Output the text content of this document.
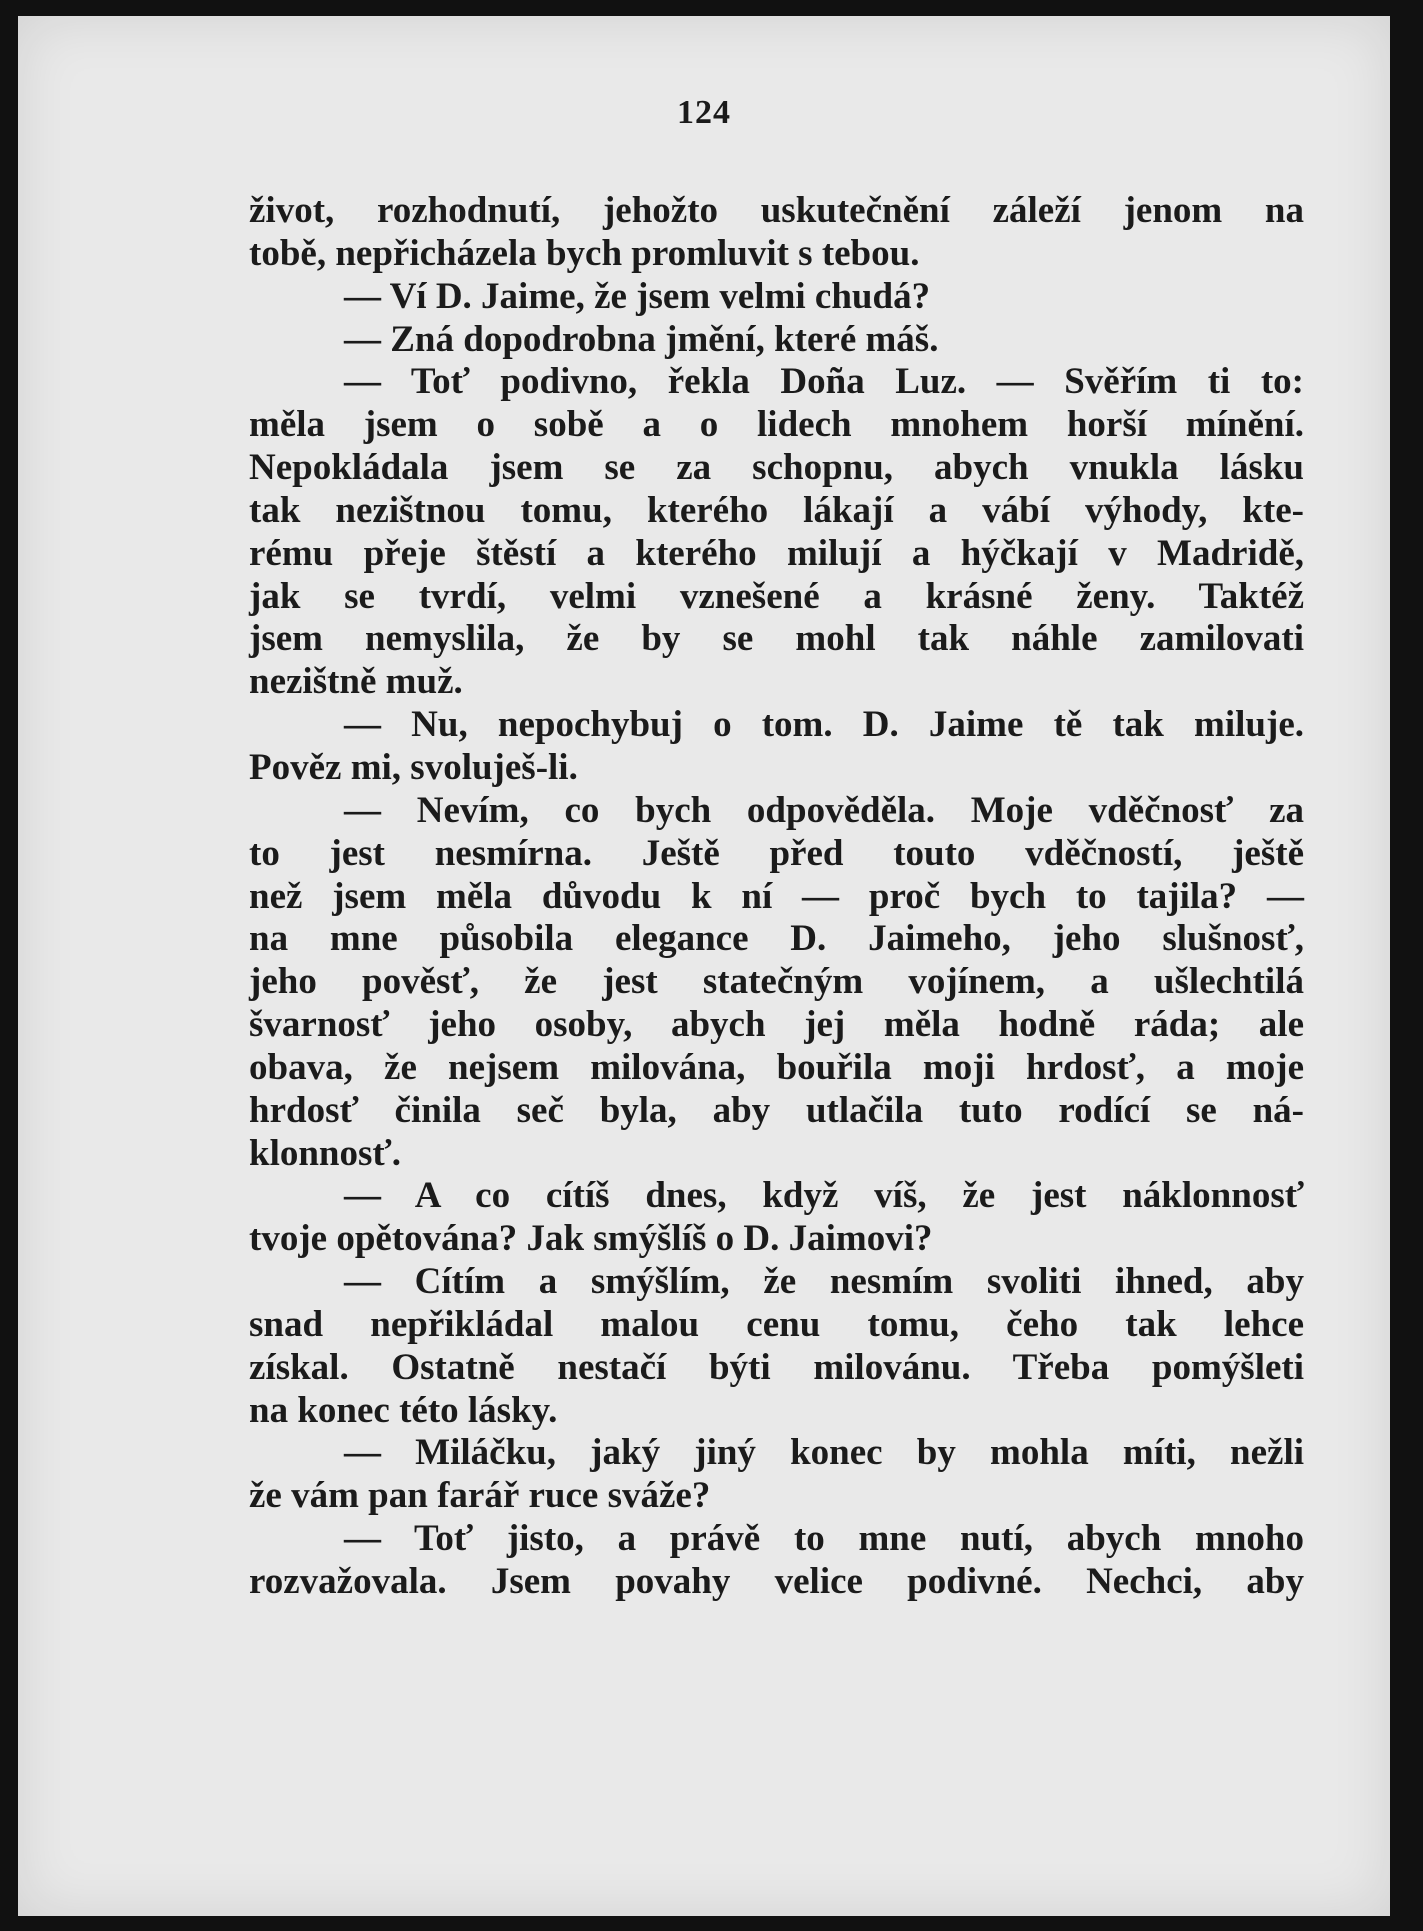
124
život, rozhodnutí, jehožto uskutečnění záleží jenom na
tobě, nepřicházela bych promluvit s tebou.
— Ví D. Jaime, že jsem velmi chudá?
— Zná dopodrobna jmění, které máš.
— Toť podivno, řekla Doña Luz. — Svěřím ti to:
měla jsem o sobě a o lidech mnohem horší mínění.
Nepokládala jsem se za schopnu, abych vnukla lásku
tak nezištnou tomu, kterého lákají a vábí výhody, kte-
rému přeje štěstí a kterého milují a hýčkají v Madridě,
jak se tvrdí, velmi vznešené a krásné ženy. Taktéž
jsem nemyslila, že by se mohl tak náhle zamilovati
nezištně muž.
— Nu, nepochybuj o tom. D. Jaime tě tak miluje.
Pověz mi, svoluješ-li.
— Nevím, co bych odpověděla. Moje vděčnosť za
to jest nesmírna. Ještě před touto vděčností, ještě
než jsem měla důvodu k ní — proč bych to tajila? —
na mne působila elegance D. Jaimeho, jeho slušnosť,
jeho pověsť, že jest statečným vojínem, a ušlechtilá
švarnosť jeho osoby, abych jej měla hodně ráda; ale
obava, že nejsem milována, bouřila moji hrdosť, a moje
hrdosť činila seč byla, aby utlačila tuto rodící se ná-
klonnosť.
— A co cítíš dnes, když víš, že jest náklonnosť
tvoje opětována? Jak smýšlíš o D. Jaimovi?
— Cítím a smýšlím, že nesmím svoliti ihned, aby
snad nepřikládal malou cenu tomu, čeho tak lehce
získal. Ostatně nestačí býti milovánu. Třeba pomýšleti
na konec této lásky.
— Miláčku, jaký jiný konec by mohla míti, nežli
že vám pan farář ruce sváže?
— Toť jisto, a právě to mne nutí, abych mnoho
rozvažovala. Jsem povahy velice podivné. Nechci, aby
